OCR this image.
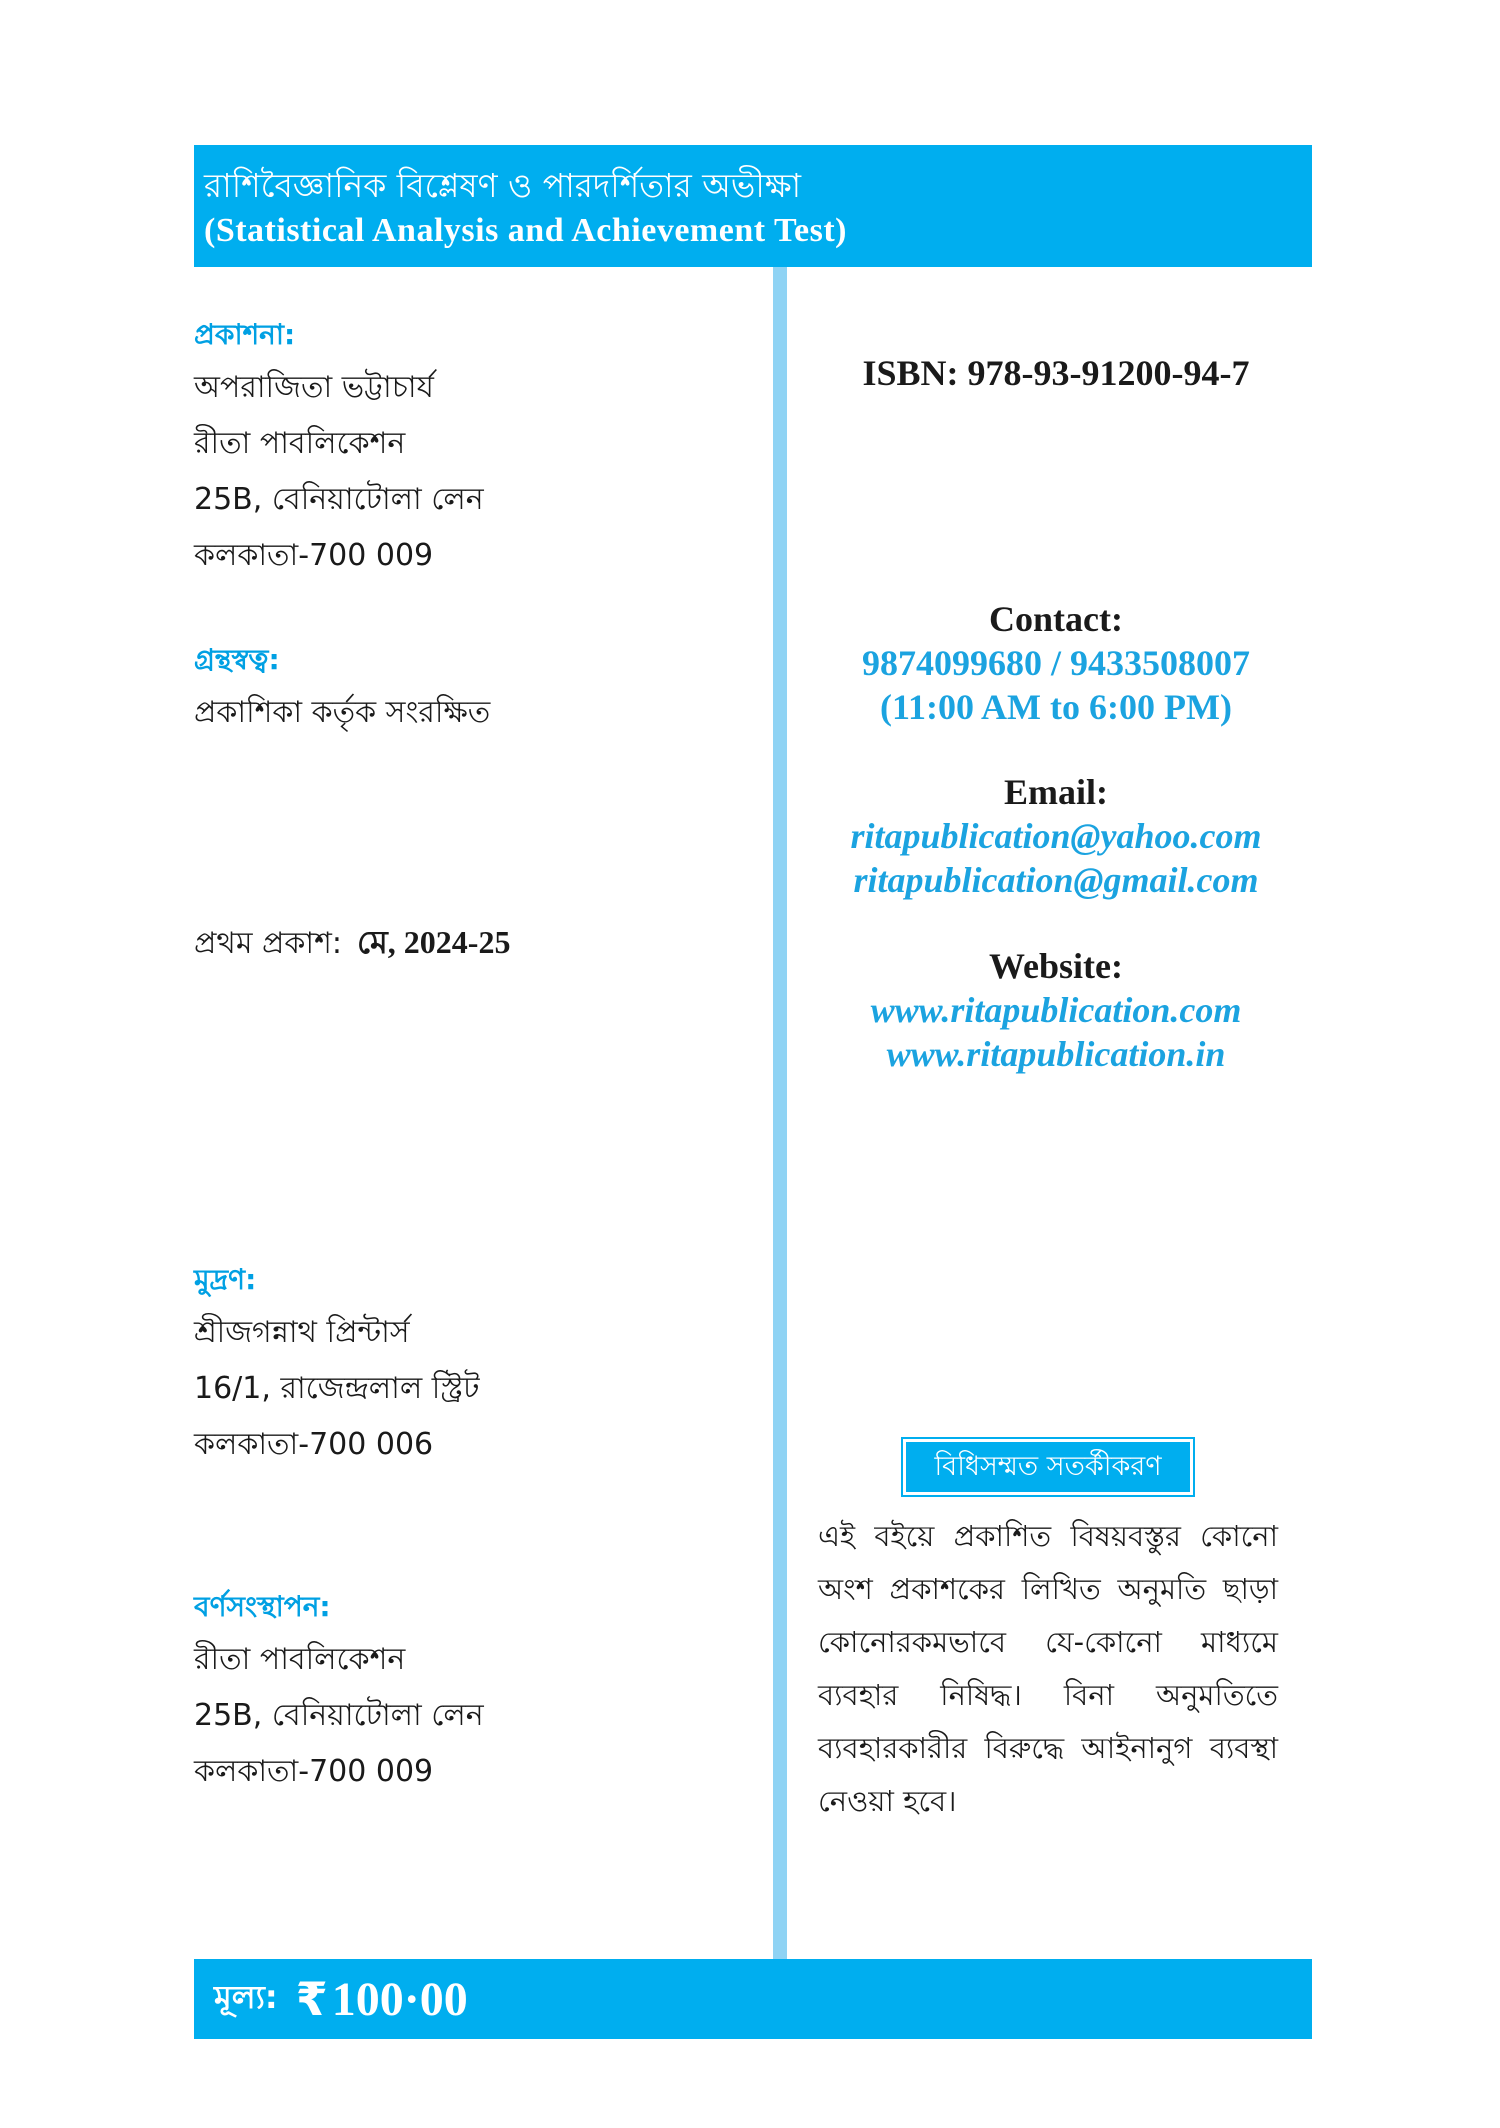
রাশিবৈজ্ঞানিক বিশ্লেষণ ও পারদর্শিতার অভীক্ষা
(Statistical Analysis and Achievement Test)
প্রকাশনা:
অপরাজিতা ভট্টাচার্য
রীতা পাবলিকেশন
25B, বেনিয়াটোলা লেন
কলকাতা-700 009
গ্রন্থস্বত্ব:
প্রকাশিকা কর্তৃক সংরক্ষিত
প্রথম প্রকাশ: মে, 2024-25
মুদ্রণ:
শ্রীজগন্নাথ প্রিন্টার্স
16/1, রাজেন্দ্রলাল স্ট্রিট
কলকাতা-700 006
বর্ণসংস্থাপন:
রীতা পাবলিকেশন
25B, বেনিয়াটোলা লেন
কলকাতা-700 009
ISBN: 978-93-91200-94-7
Contact:
9874099680 / 9433508007
(11:00 AM to 6:00 PM)
Email:
ritapublication@yahoo.com
ritapublication@gmail.com
Website:
www.ritapublication.com
www.ritapublication.in
বিধিসম্মত সতর্কীকরণ
এই বইয়ে প্রকাশিত বিষয়বস্তুর কোনো অংশ প্রকাশকের লিখিত অনুমতি ছাড়া কোনোরকমভাবে যে-কোনো মাধ্যমে ব্যবহার নিষিদ্ধ। বিনা অনুমতিতে ব্যবহারকারীর বিরুদ্ধে আইনানুগ ব্যবস্থা নেওয়া হবে।
মূল্য: ₹ 100·00
